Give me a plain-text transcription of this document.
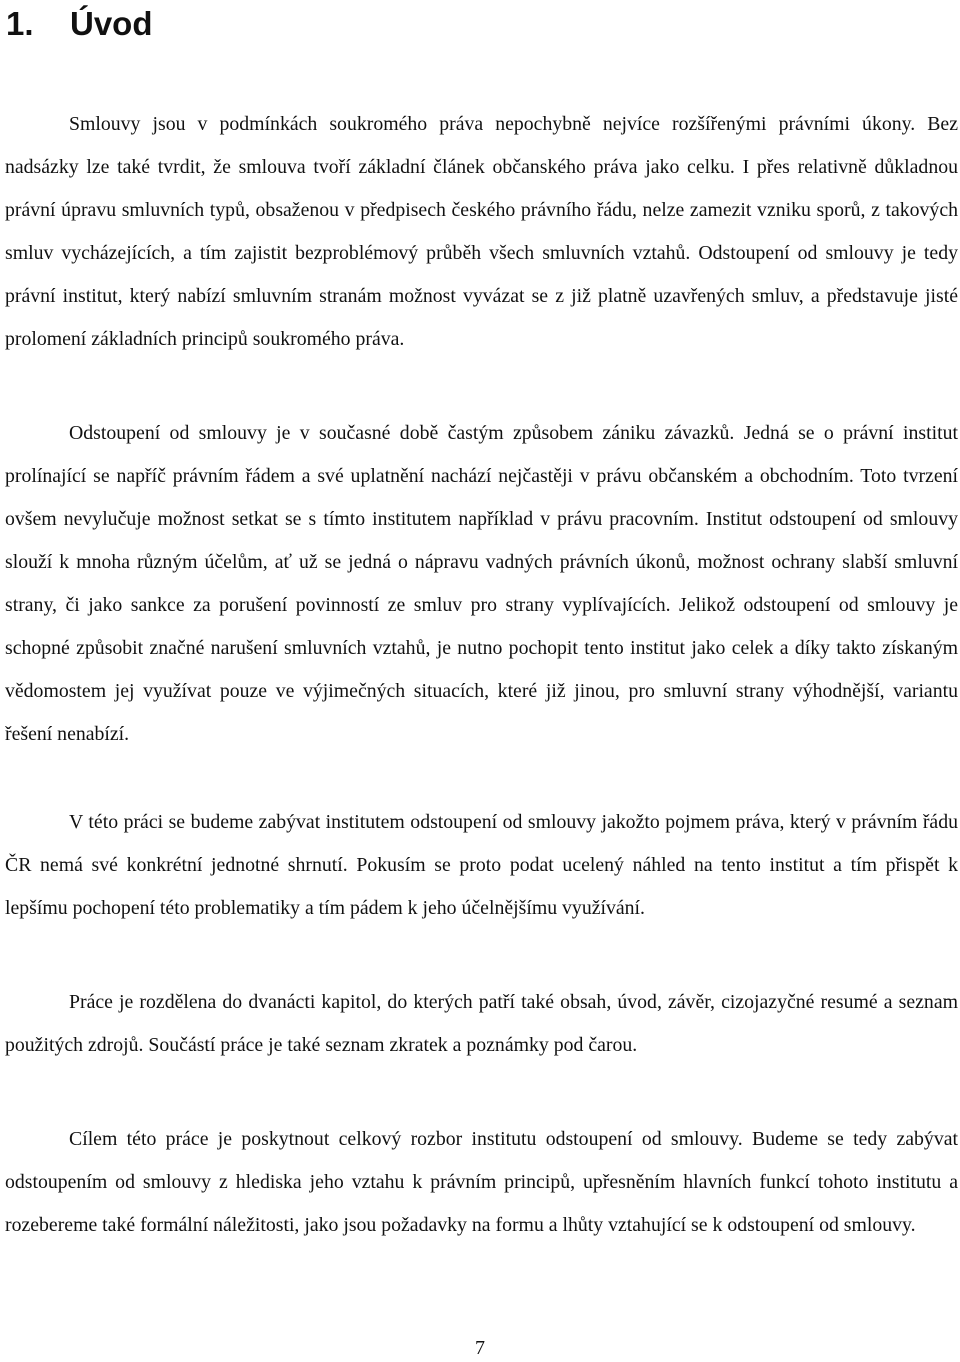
1. Úvod

Smlouvy jsou v podmínkách soukromého práva nepochybně nejvíce rozšířenými právními úkony. Bez nadsázky lze také tvrdit, že smlouva tvoří základní článek občanského práva jako celku. I přes relativně důkladnou právní úpravu smluvních typů, obsaženou v předpisech českého právního řádu, nelze zamezit vzniku sporů, z takových smluv vycházejících, a tím zajistit bezproblémový průběh všech smluvních vztahů. Odstoupení od smlouvy je tedy právní institut, který nabízí smluvním stranám možnost vyvázat se z již platně uzavřených smluv, a představuje jisté prolomení základních principů soukromého práva.

Odstoupení od smlouvy je v současné době častým způsobem zániku závazků. Jedná se o právní institut prolínající se napříč právním řádem a své uplatnění nachází nejčastěji v právu občanském a obchodním. Toto tvrzení ovšem nevylučuje možnost setkat se s tímto institutem například v právu pracovním. Institut odstoupení od smlouvy slouží k mnoha různým účelům, ať už se jedná o nápravu vadných právních úkonů, možnost ochrany slabší smluvní strany, či jako sankce za porušení povinností ze smluv pro strany vyplívajících. Jelikož odstoupení od smlouvy je schopné způsobit značné narušení smluvních vztahů, je nutno pochopit tento institut jako celek a díky takto získaným vědomostem jej využívat pouze ve výjimečných situacích, které již jinou, pro smluvní strany výhodnější, variantu řešení nenabízí.

V této práci se budeme zabývat institutem odstoupení od smlouvy jakožto pojmem práva, který v právním řádu ČR nemá své konkrétní jednotné shrnutí. Pokusím se proto podat ucelený náhled na tento institut a tím přispět k lepšímu pochopení této problematiky a tím pádem k jeho účelnějšímu využívání.

Práce je rozdělena do dvanácti kapitol, do kterých patří také obsah, úvod, závěr, cizojazyčné resumé a seznam použitých zdrojů. Součástí práce je také seznam zkratek a poznámky pod čarou.

Cílem této práce je poskytnout celkový rozbor institutu odstoupení od smlouvy. Budeme se tedy zabývat odstoupením od smlouvy z hlediska jeho vztahu k právním principů, upřesněním hlavních funkcí tohoto institutu a rozebereme také formální náležitosti, jako jsou požadavky na formu a lhůty vztahující se k odstoupení od smlouvy.

7
